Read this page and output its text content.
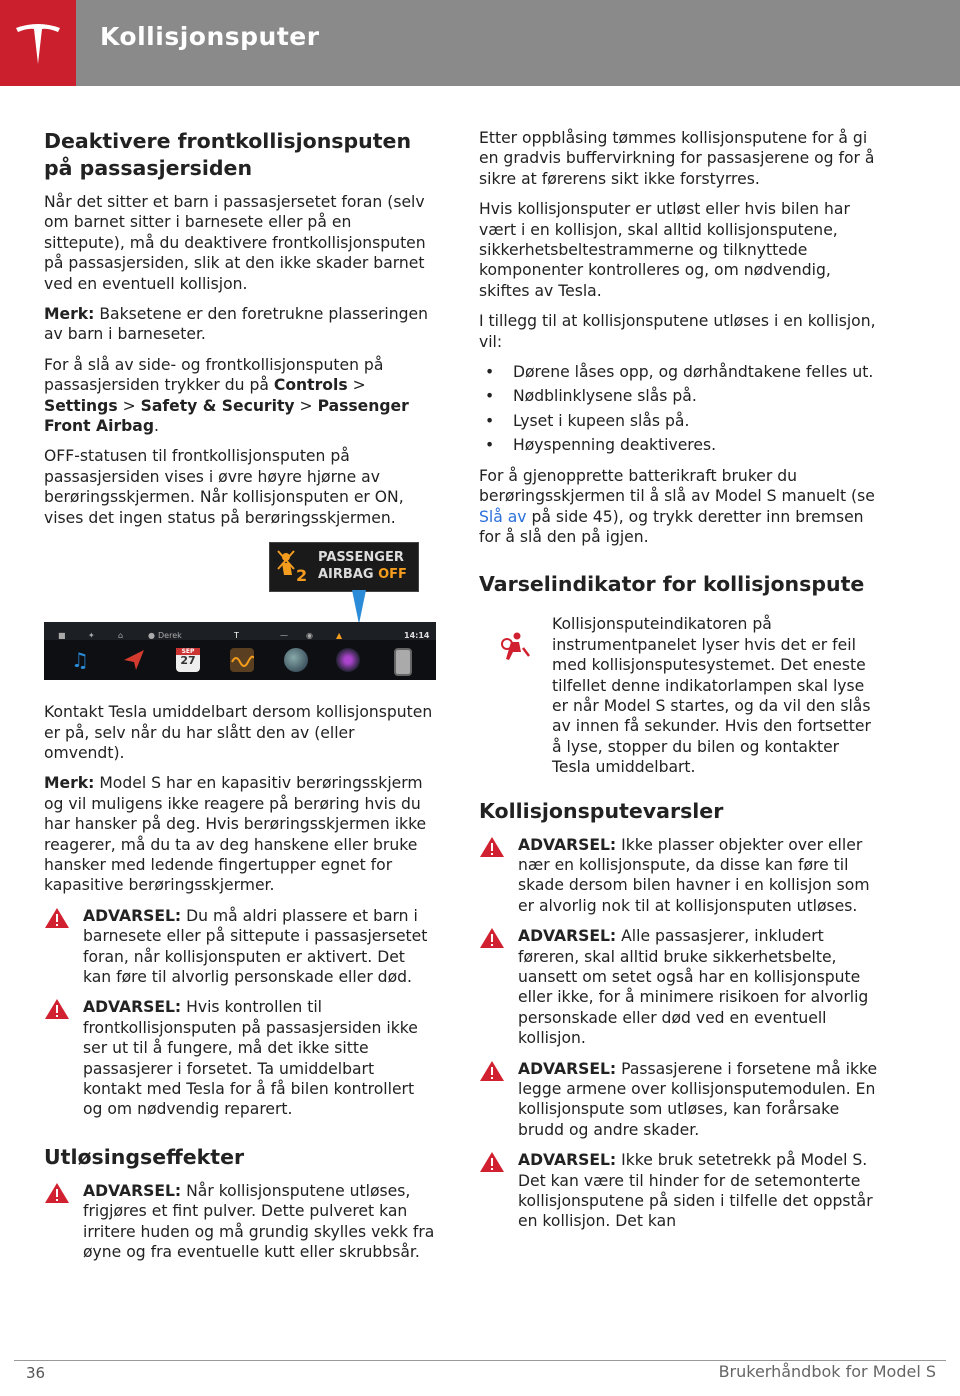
Kollisjonsputer
Deaktivere frontkollisjonsputen på passasjersiden

Når det sitter et barn i passasjersetet foran (selv om barnet sitter i barnesete eller på en sittepute), må du deaktivere frontkollisjonsputen på passasjersiden, slik at den ikke skader barnet ved en eventuell kollisjon.

Merk: Baksetene er den foretrukne plasseringen av barn i barneseter.

For å slå av side- og frontkollisjonsputen på passasjersiden trykker du på Controls > Settings > Safety & Security > Passenger Front Airbag.

OFF-statusen til frontkollisjonsputen på passasjersiden vises i øvre høyre hjørne av berøringsskjermen. Når kollisjonsputen er ON, vises det ingen status på berøringsskjermen.

2
PASSENGER
AIRBAG OFF
■	✦	⌂	● Derek	T	⁓ ◉	▲	14:14
♫	SEP
27

Kontakt Tesla umiddelbart dersom kollisjonsputen er på, selv når du har slått den av (eller omvendt).

Merk: Model S har en kapasitiv berøringsskjerm og vil muligens ikke reagere på berøring hvis du har hansker på deg. Hvis berøringsskjermen ikke reagerer, må du ta av deg hanskene eller bruke hansker med ledende fingertupper egnet for kapasitive berøringsskjermer.

ADVARSEL: Du må aldri plassere et barn i barnesete eller på sittepute i passasjersetet foran, når kollisjonsputen er aktivert. Det kan føre til alvorlig personskade eller død.
ADVARSEL: Hvis kontrollen til frontkollisjonsputen på passasjersiden ikke ser ut til å fungere, må det ikke sitte passasjerer i forsetet. Ta umiddelbart kontakt med Tesla for å få bilen kontrollert og om nødvendig reparert.
Utløsingseffekter
ADVARSEL: Når kollisjonsputene utløses, frigjøres et fint pulver. Dette pulveret kan irritere huden og må grundig skylles vekk fra øyne og fra eventuelle kutt eller skrubbsår.

Etter oppblåsing tømmes kollisjonsputene for å gi en gradvis buffervirkning for passasjerene og for å sikre at førerens sikt ikke forstyrres.

Hvis kollisjonsputer er utløst eller hvis bilen har vært i en kollisjon, skal alltid kollisjonsputene, sikkerhetsbeltestrammerne og tilknyttede komponenter kontrolleres og, om nødvendig, skiftes av Tesla.

I tillegg til at kollisjonsputene utløses i en kollisjon, vil:

• Dørene låses opp, og dørhåndtakene felles ut.
• Nødblinklysene slås på.
• Lyset i kupeen slås på.
• Høyspenning deaktiveres.

For å gjenopprette batterikraft bruker du berøringsskjermen til å slå av Model S manuelt (se Slå av på side 45), og trykk deretter inn bremsen for å slå den på igjen.

Varselindikator for kollisjonspute
Kollisjonsputeindikatoren på instrumentpanelet lyser hvis det er feil med kollisjonsputesystemet. Det eneste tilfellet denne indikatorlampen skal lyse er når Model S startes, og da vil den slås av innen få sekunder. Hvis den fortsetter å lyse, stopper du bilen og kontakter Tesla umiddelbart.
Kollisjonsputevarsler
ADVARSEL: Ikke plasser objekter over eller nær en kollisjonspute, da disse kan føre til skade dersom bilen havner i en kollisjon som er alvorlig nok til at kollisjonsputen utløses.
ADVARSEL: Alle passasjerer, inkludert føreren, skal alltid bruke sikkerhetsbelte, uansett om setet også har en kollisjonspute eller ikke, for å minimere risikoen for alvorlig personskade eller død ved en eventuell kollisjon.
ADVARSEL: Passasjerene i forsetene må ikke legge armene over kollisjonsputemodulen. En kollisjonspute som utløses, kan forårsake brudd og andre skader.
ADVARSEL: Ikke bruk setetrekk på Model S. Det kan være til hinder for de setemonterte kollisjonsputene på siden i tilfelle det oppstår en kollisjon. Det kan
36	Brukerhåndbok for Model S
